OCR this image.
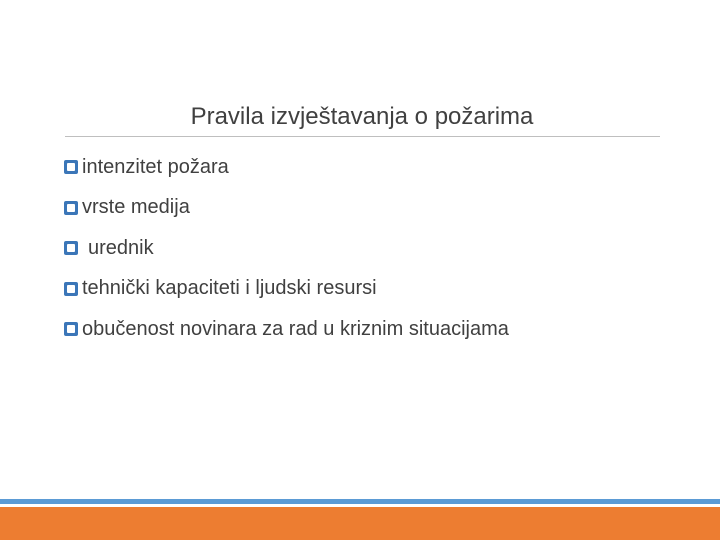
Pravila izvještavanja o požarima
intenzitet požara
vrste medija
urednik
tehnički kapaciteti i ljudski resursi
obučenost novinara za rad u kriznim situacijama
